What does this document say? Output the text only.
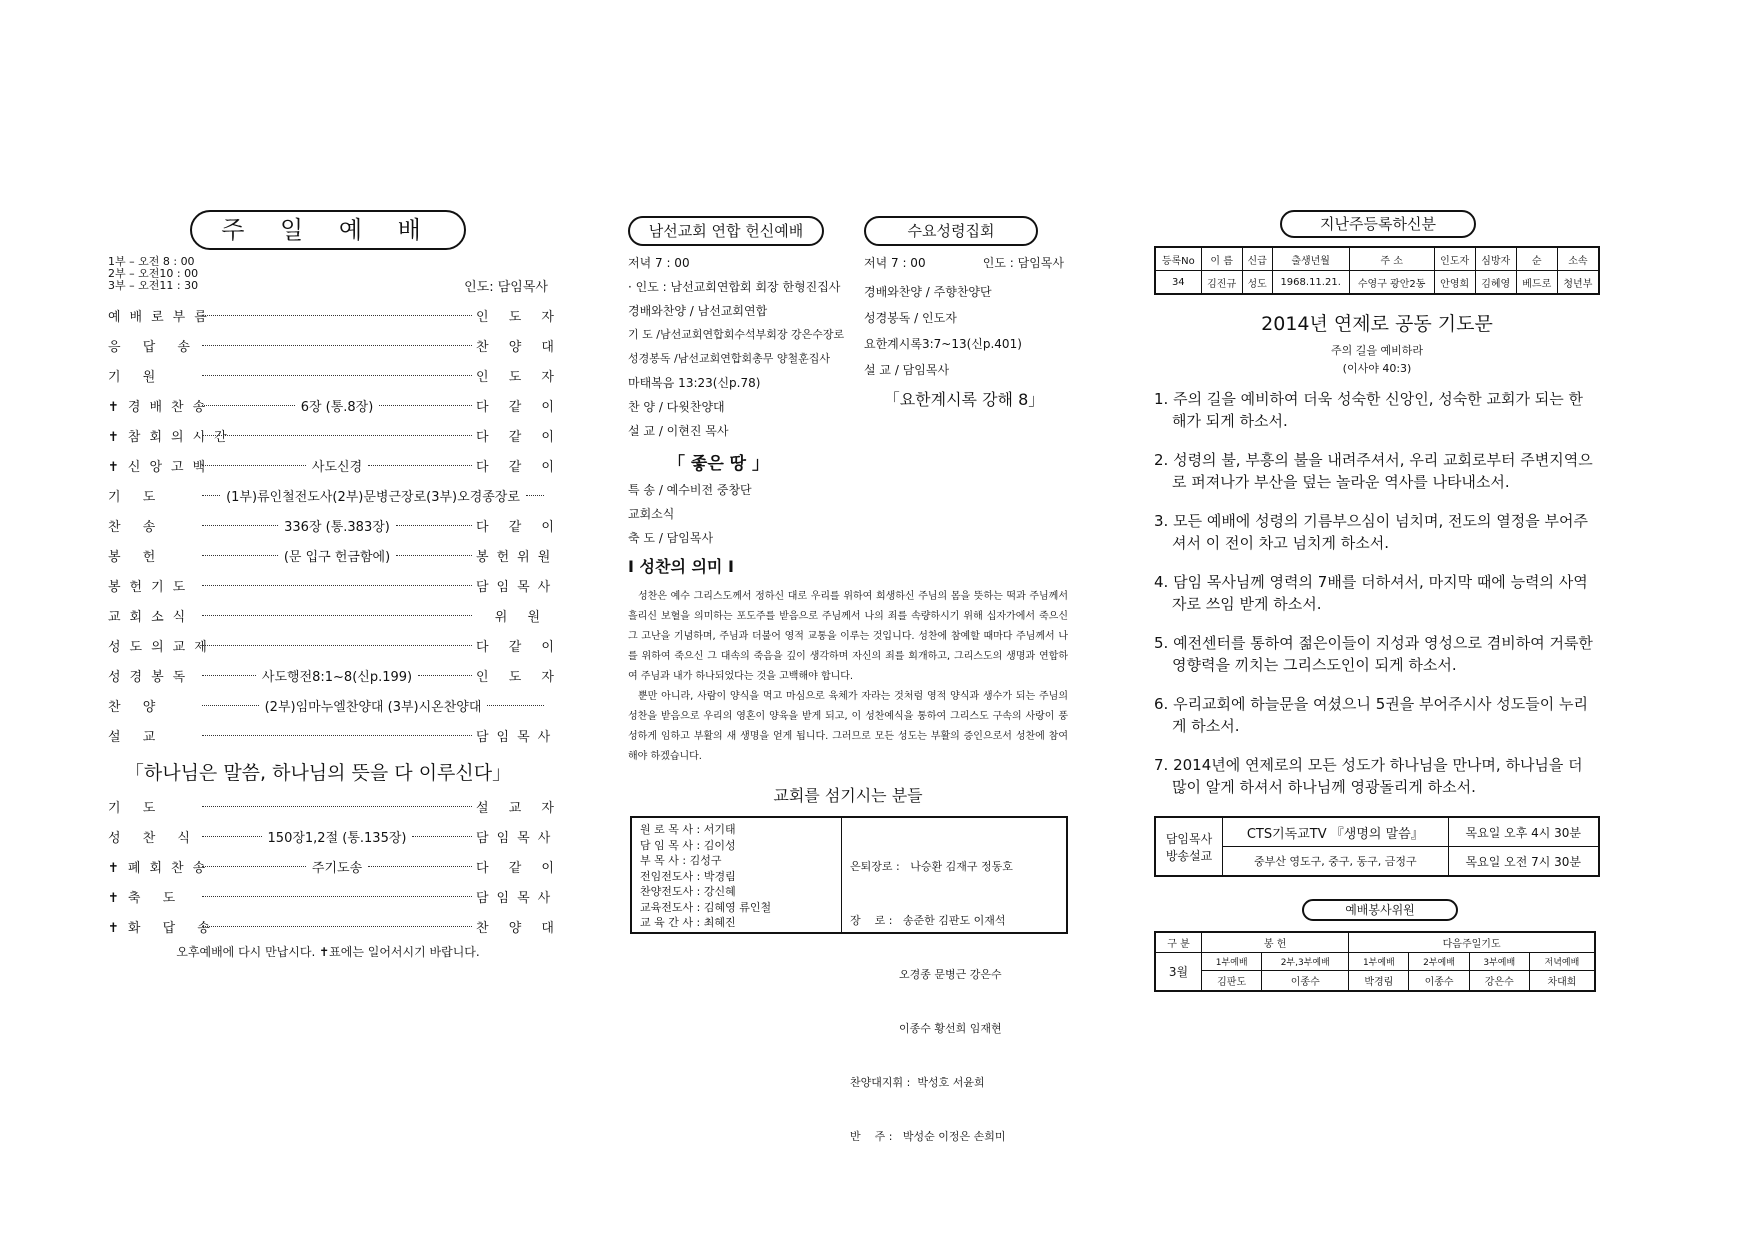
주 일 예 배
1부 – 오전 8 : 00
2부 – 오전10 : 00
3부 – 오전11 : 30	인도: 담임목사
예배로부름	인 도 자
응 답 송	찬 양 대
기 원	인 도 자
✝경배찬송	6장 (통.8장)	다 같 이
✝참회의시간	다 같 이
✝신앙고백	사도신경	다 같 이
기 도	(1부)류인철전도사(2부)문병근장로(3부)오경종장로
찬 송	336장 (통.383장)	다 같 이
봉 헌	(문 입구 헌금함에)	봉헌위원
봉헌기도	담임목사
교회소식	위 원
성도의교제	다 같 이
성경봉독	사도행전8:1~8(신p.199)	인 도 자
찬 양	(2부)임마누엘찬양대 (3부)시온찬양대
설 교	담임목사
「하나님은 말씀, 하나님의 뜻을 다 이루신다」
기 도	설 교 자
성 찬 식	150장1,2절 (통.135장)	담임목사
✝폐회찬송	주기도송	다 같 이
✝축 도	담임목사
✝화 답 송	찬 양 대
오후예배에 다시 만납시다. ✝표에는 일어서시기 바랍니다.
남선교회 연합 헌신예배
저녁 7 : 00
· 인도 : 남선교회연합회 회장 한형진집사
경배와찬양 / 남선교회연합
기 도 /남선교회연합회수석부회장 강은수장로
성경봉독 /남선교회연합회총무 양철훈집사
마태복음 13:23(신p.78)
찬 양 / 다윗찬양대
설 교 / 이현진 목사
「 좋은 땅 」
특 송 / 예수비전 중창단
교회소식
축 도 / 담임목사
수요성령집회
저녁 7 : 00	인도 : 담임목사
경배와찬양 / 주향찬양단
성경봉독 / 인도자
요한계시록3:7~13(신p.401)
설 교 / 담임목사
「요한계시록 강해 8」
Ⅰ 성찬의 의미 Ⅰ
성찬은 예수 그리스도께서 정하신 대로 우리를 위하여 희생하신 주님의 몸을 뜻하는 떡과 주님께서 흘리신 보혈을 의미하는 포도주를 받음으로 주님께서 나의 죄를 속량하시기 위해 십자가에서 죽으신 그 고난을 기념하며, 주님과 더불어 영적 교통을 이루는 것입니다. 성찬에 참예할 때마다 주님께서 나를 위하여 죽으신 그 대속의 죽음을 깊이 생각하며 자신의 죄를 회개하고, 그리스도의 생명과 연합하여 주님과 내가 하나되었다는 것을 고백해야 합니다.
뿐만 아니라, 사람이 양식을 먹고 마심으로 육체가 자라는 것처럼 영적 양식과 생수가 되는 주님의 성찬을 받음으로 우리의 영혼이 양육을 받게 되고, 이 성찬예식을 통하여 그리스도 구속의 사랑이 풍성하게 임하고 부활의 새 생명을 얻게 됩니다. 그러므로 모든 성도는 부활의 증인으로서 성찬에 참여해야 하겠습니다.
교회를 섬기시는 분들
원 로 목 사 : 서기태
담 임 목 사 : 김이성
부 목 사 : 김성구
전임전도사 : 박경림
찬양전도사 : 강신혜
교육전도사 : 김혜영 류인철
교 육 간 사 : 최혜진

은퇴장로 :   나승환 김재구 정동호

장    로 :   송준한 김판도 이재석

오경종 문병근 강은수

이종수 황선희 임재현

찬양대지휘 :  박성호 서윤희

반    주 :   박성순 이정은 손희미

지난주등록하신분
등록No	이 름	신급	출생년월	주 소	인도자	심방자	순	소속
34	김진규	성도	1968.11.21.	수영구 광안2동	안영희	김혜영	베드로	청년부
2014년 연제로 공동 기도문
주의 길을 예비하라
(이사야 40:3)
1. 주의 길을 예비하여 더욱 성숙한 신앙인, 성숙한 교회가 되는 한 해가 되게 하소서.
2. 성령의 불, 부흥의 불을 내려주셔서, 우리 교회로부터 주변지역으로 퍼져나가 부산을 덮는 놀라운 역사를 나타내소서.
3. 모든 예배에 성령의 기름부으심이 넘치며, 전도의 열정을 부어주셔서 이 전이 차고 넘치게 하소서.
4. 담임 목사님께 영력의 7배를 더하셔서, 마지막 때에 능력의 사역자로 쓰임 받게 하소서.
5. 예전센터를 통하여 젊은이들이 지성과 영성으로 겸비하여 거룩한 영향력을 끼치는 그리스도인이 되게 하소서.
6. 우리교회에 하늘문을 여셨으니 5권을 부어주시사 성도들이 누리게 하소서.
7. 2014년에 연제로의 모든 성도가 하나님을 만나며, 하나님을 더 많이 알게 하셔서 하나님께 영광돌리게 하소서.
담임목사 방송설교	CTS기독교TV 『생명의 말씀』	목요일 오후 4시 30분
	중부산 영도구, 중구, 동구, 금정구	목요일 오전 7시 30분
예배봉사위원
구 분	봉 헌		다음주일기도			
3월	1부예배	2부,3부예배	1부예배	2부예배	3부예배	저녁예배
	김판도	이종수	박경림	이종수	강은수	차대희
